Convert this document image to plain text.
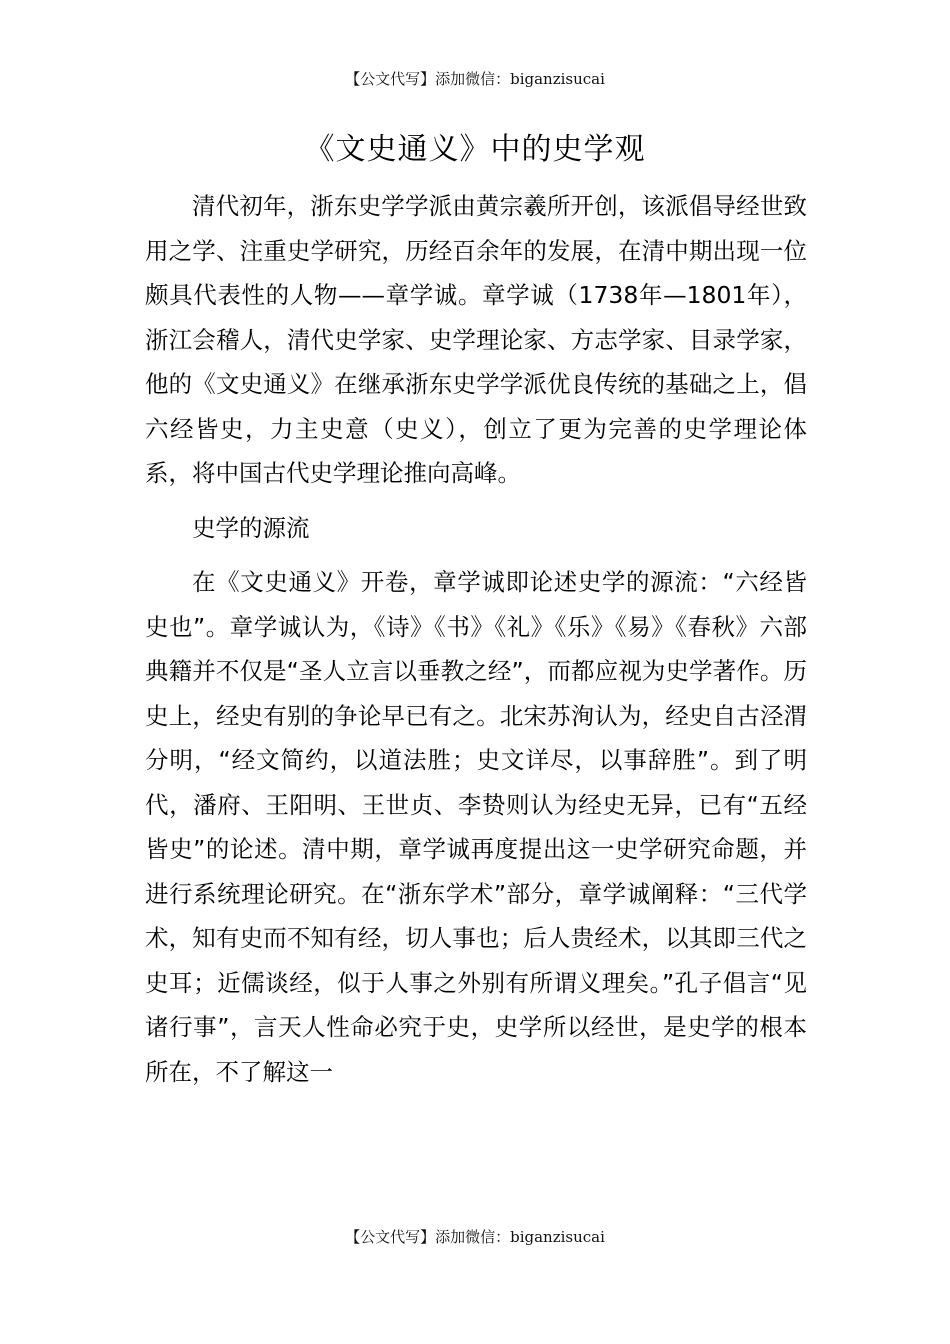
【公文代写】添加微信：biganzisucai
《文史通义》中的史学观

清代初年，浙东史学学派由黄宗羲所开创，该派倡导经世致用之学、注重史学研究，历经百余年的发展，在清中期出现一位颇具代表性的人物——章学诚。章学诚（1738年—1801年），浙江会稽人，清代史学家、史学理论家、方志学家、目录学家，他的《文史通义》在继承浙东史学学派优良传统的基础之上，倡六经皆史，力主史意（史义），创立了更为完善的史学理论体系，将中国古代史学理论推向高峰。

史学的源流

在《文史通义》开卷，章学诚即论述史学的源流：“六经皆史也”。章学诚认为，《诗》《书》《礼》《乐》《易》《春秋》六部典籍并不仅是“圣人立言以垂教之经”，而都应视为史学著作。历史上，经史有别的争论早已有之。北宋苏洵认为，经史自古泾渭分明，“经文简约，以道法胜；史文详尽，以事辞胜”。到了明代，潘府、王阳明、王世贞、李贽则认为经史无异，已有“五经皆史”的论述。清中期，章学诚再度提出这一史学研究命题，并进行系统理论研究。在“浙东学术”部分，章学诚阐释：“三代学术，知有史而不知有经，切人事也；后人贵经术，以其即三代之史耳；近儒谈经，似于人事之外别有所谓义理矣。”孔子倡言“见诸行事”，言天人性命必究于史，史学所以经世，是史学的根本所在，不了解这一

【公文代写】添加微信：biganzisucai
